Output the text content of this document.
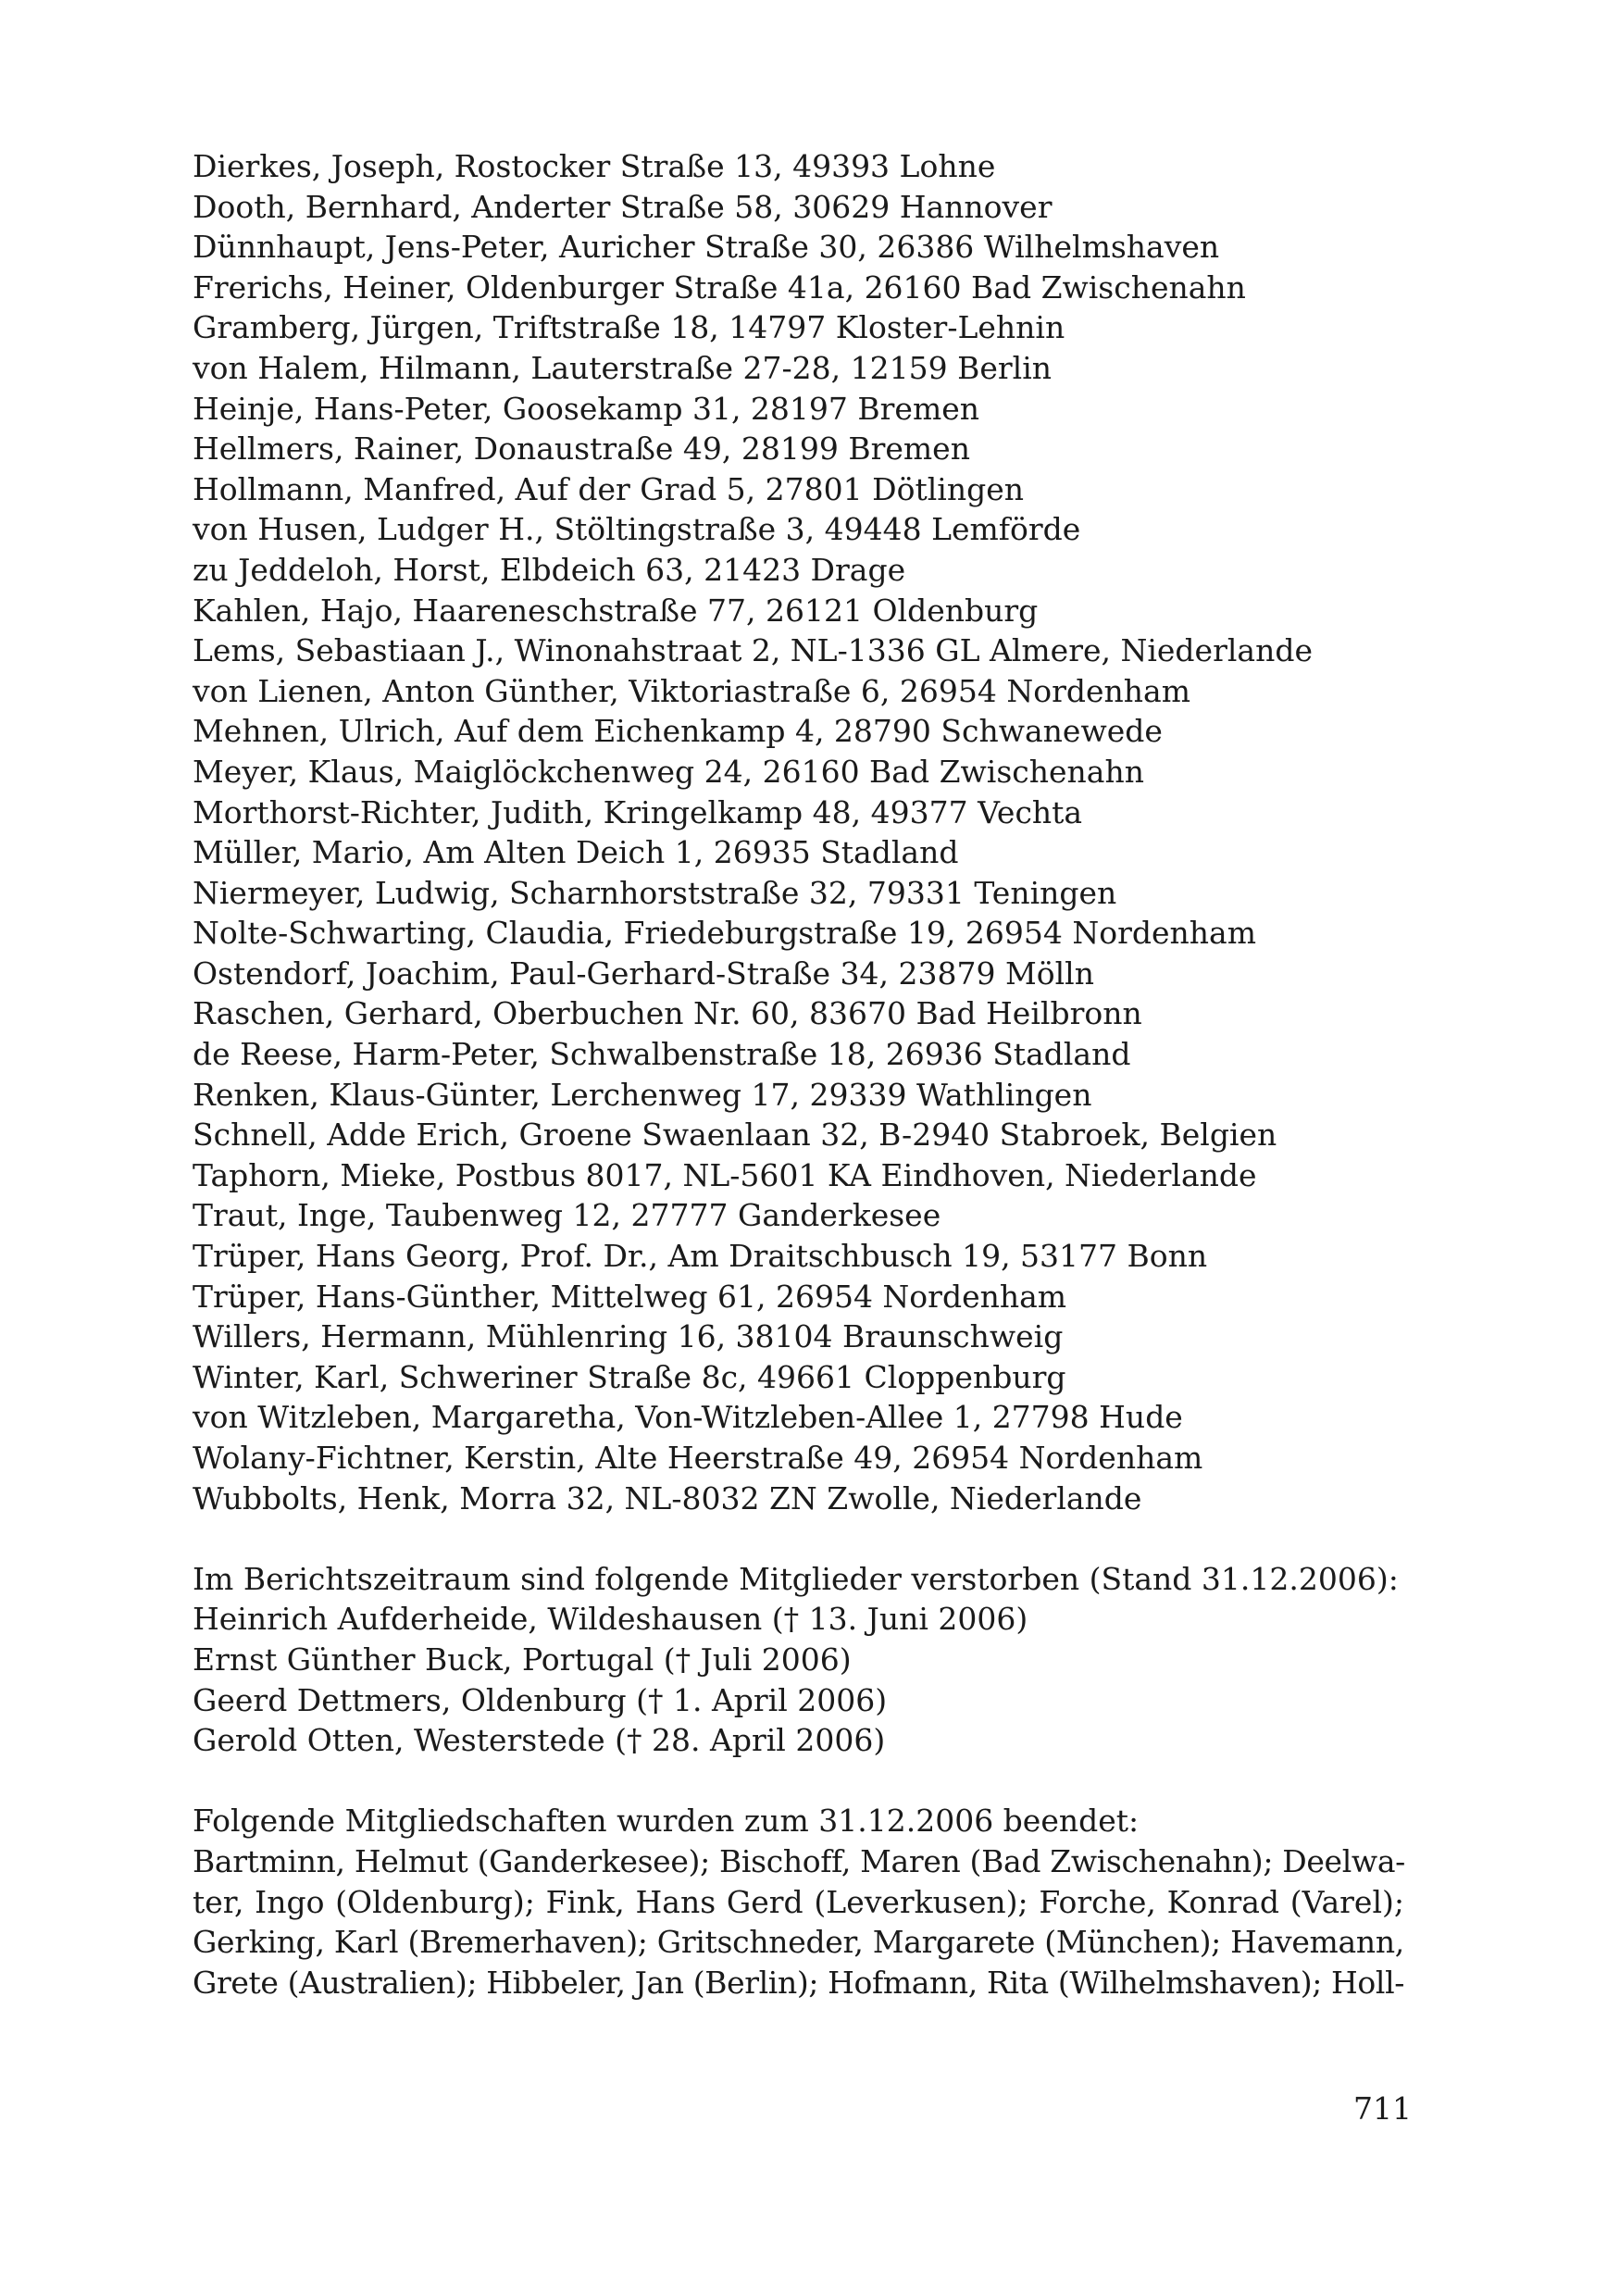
Dierkes, Joseph, Rostocker Straße 13, 49393 Lohne
Dooth, Bernhard, Anderter Straße 58, 30629 Hannover
Dünnhaupt, Jens-Peter, Auricher Straße 30, 26386 Wilhelmshaven
Frerichs, Heiner, Oldenburger Straße 41a, 26160 Bad Zwischenahn
Gramberg, Jürgen, Triftstraße 18, 14797 Kloster-Lehnin
von Halem, Hilmann, Lauterstraße 27-28, 12159 Berlin
Heinje, Hans-Peter, Goosekamp 31, 28197 Bremen
Hellmers, Rainer, Donaustraße 49, 28199 Bremen
Hollmann, Manfred, Auf der Grad 5, 27801 Dötlingen
von Husen, Ludger H., Stöltingstraße 3, 49448 Lemförde
zu Jeddeloh, Horst, Elbdeich 63, 21423 Drage
Kahlen, Hajo, Haareneschstraße 77, 26121 Oldenburg
Lems, Sebastiaan J., Winonahstraat 2, NL-1336 GL Almere, Niederlande
von Lienen, Anton Günther, Viktoriastraße 6, 26954 Nordenham
Mehnen, Ulrich, Auf dem Eichenkamp 4, 28790 Schwanewede
Meyer, Klaus, Maiglöckchenweg 24, 26160 Bad Zwischenahn
Morthorst-Richter, Judith, Kringelkamp 48, 49377 Vechta
Müller, Mario, Am Alten Deich 1, 26935 Stadland
Niermeyer, Ludwig, Scharnhorststraße 32, 79331 Teningen
Nolte-Schwarting, Claudia, Friedeburgstraße 19, 26954 Nordenham
Ostendorf, Joachim, Paul-Gerhard-Straße 34, 23879 Mölln
Raschen, Gerhard, Oberbuchen Nr. 60, 83670 Bad Heilbronn
de Reese, Harm-Peter, Schwalbenstraße 18, 26936 Stadland
Renken, Klaus-Günter, Lerchenweg 17, 29339 Wathlingen
Schnell, Adde Erich, Groene Swaenlaan 32, B-2940 Stabroek, Belgien
Taphorn, Mieke, Postbus 8017, NL-5601 KA Eindhoven, Niederlande
Traut, Inge, Taubenweg 12, 27777 Ganderkesee
Trüper, Hans Georg, Prof. Dr., Am Draitschbusch 19, 53177 Bonn
Trüper, Hans-Günther, Mittelweg 61, 26954 Nordenham
Willers, Hermann, Mühlenring 16, 38104 Braunschweig
Winter, Karl, Schweriner Straße 8c, 49661 Cloppenburg
von Witzleben, Margaretha, Von-Witzleben-Allee 1, 27798 Hude
Wolany-Fichtner, Kerstin, Alte Heerstraße 49, 26954 Nordenham
Wubbolts, Henk, Morra 32, NL-8032 ZN Zwolle, Niederlande
Im Berichtszeitraum sind folgende Mitglieder verstorben (Stand 31.12.2006):
Heinrich Aufderheide, Wildeshausen († 13. Juni 2006)
Ernst Günther Buck, Portugal († Juli 2006)
Geerd Dettmers, Oldenburg († 1. April 2006)
Gerold Otten, Westerstede († 28. April 2006)
Folgende Mitgliedschaften wurden zum 31.12.2006 beendet:
Bartminn, Helmut (Ganderkesee); Bischoff, Maren (Bad Zwischenahn); Deelwa-
ter, Ingo (Oldenburg); Fink, Hans Gerd (Leverkusen); Forche, Konrad (Varel);
Gerking, Karl (Bremerhaven); Gritschneder, Margarete (München); Havemann,
Grete (Australien); Hibbeler, Jan (Berlin); Hofmann, Rita (Wilhelmshaven); Holl-
711
